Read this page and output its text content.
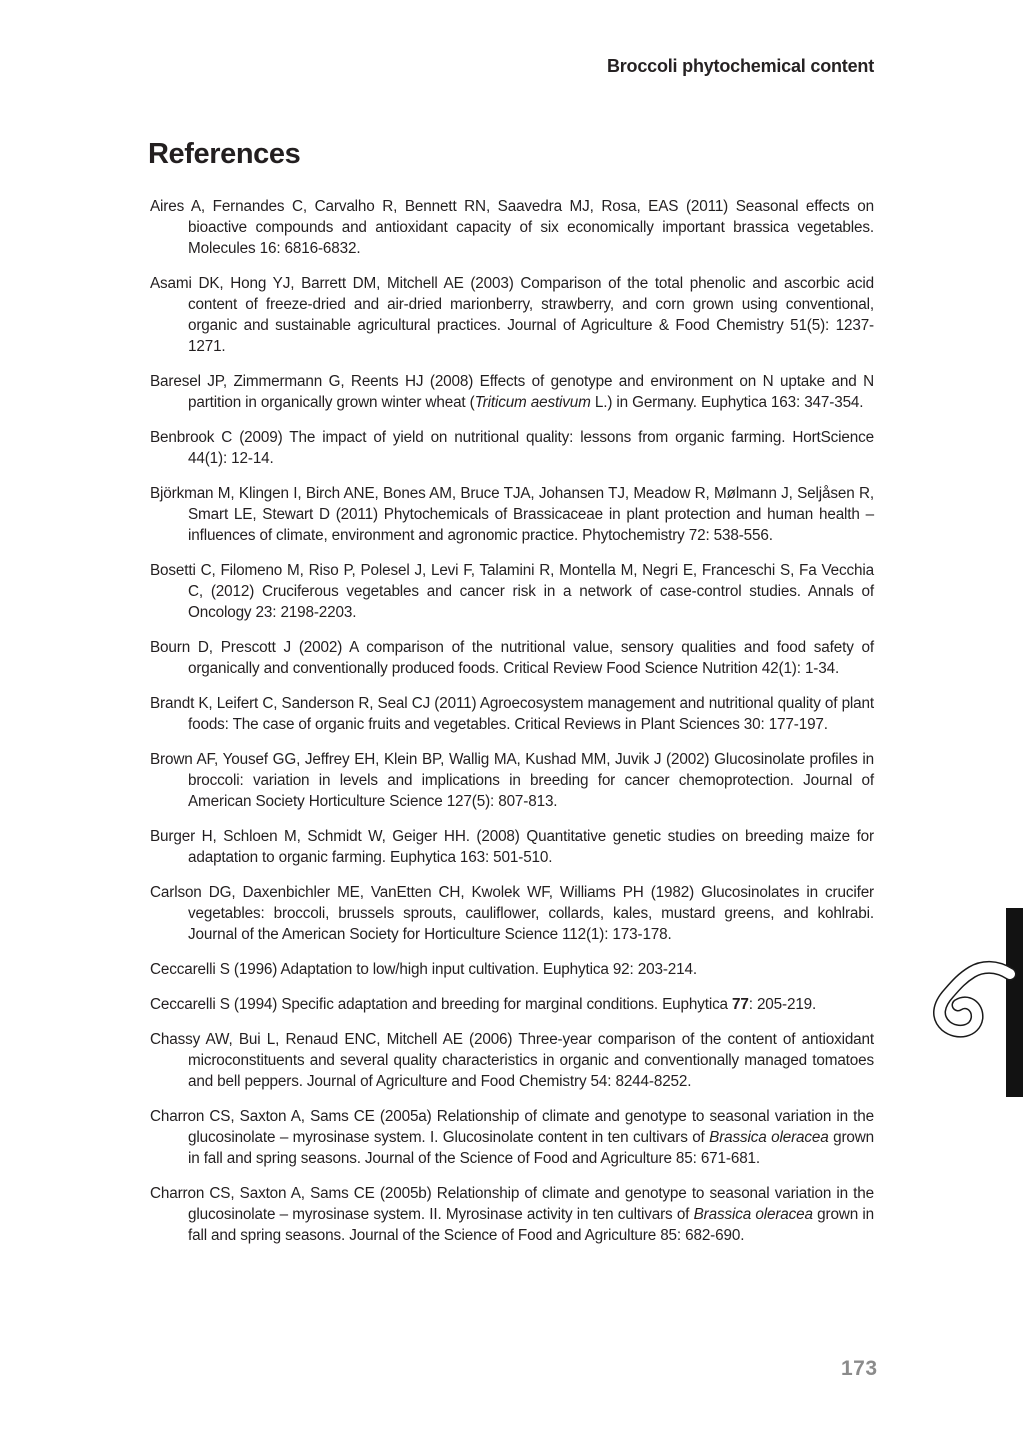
Broccoli phytochemical content
References

Aires A, Fernandes C, Carvalho R, Bennett RN, Saavedra MJ, Rosa, EAS (2011) Seasonal effects on bioactive compounds and antioxidant capacity of six economically important brassica vegetables. Molecules 16: 6816-6832.

Asami DK, Hong YJ, Barrett DM, Mitchell AE (2003) Comparison of the total phenolic and ascorbic acid content of freeze-dried and air-dried marionberry, strawberry, and corn grown using conventional, organic and sustainable agricultural practices. Journal of Agriculture & Food Chemistry 51(5): 1237-1271.

Baresel JP, Zimmermann G, Reents HJ (2008) Effects of genotype and environment on N uptake and N partition in organically grown winter wheat (Triticum aestivum L.) in Germany. Euphytica 163: 347-354.

Benbrook C (2009) The impact of yield on nutritional quality: lessons from organic farming. HortScience 44(1): 12-14.

Björkman M, Klingen I, Birch ANE, Bones AM, Bruce TJA, Johansen TJ, Meadow R, Mølmann J, Seljåsen R, Smart LE, Stewart D (2011) Phytochemicals of Brassicaceae in plant protection and human health – influences of climate, environment and agronomic practice. Phytochemistry 72: 538-556.

Bosetti C, Filomeno M, Riso P, Polesel J, Levi F, Talamini R, Montella M, Negri E, Franceschi S, Fa Vecchia C, (2012) Cruciferous vegetables and cancer risk in a network of case-control studies. Annals of Oncology 23: 2198-2203.

Bourn D, Prescott J (2002) A comparison of the nutritional value, sensory qualities and food safety of organically and conventionally produced foods. Critical Review Food Science Nutrition 42(1): 1-34.

Brandt K, Leifert C, Sanderson R, Seal CJ (2011) Agroecosystem management and nutritional quality of plant foods: The case of organic fruits and vegetables. Critical Reviews in Plant Sciences 30: 177-197.

Brown AF, Yousef GG, Jeffrey EH, Klein BP, Wallig MA, Kushad MM, Juvik J (2002) Glucosinolate profiles in broccoli: variation in levels and implications in breeding for cancer chemoprotection. Journal of American Society Horticulture Science 127(5): 807-813.

Burger H, Schloen M, Schmidt W, Geiger HH. (2008) Quantitative genetic studies on breeding maize for adaptation to organic farming. Euphytica 163: 501-510.

Carlson DG, Daxenbichler ME, VanEtten CH, Kwolek WF, Williams PH (1982) Glucosinolates in crucifer vegetables: broccoli, brussels sprouts, cauliflower, collards, kales, mustard greens, and kohlrabi. Journal of the American Society for Horticulture Science 112(1): 173-178.

Ceccarelli S (1996) Adaptation to low/high input cultivation. Euphytica 92: 203-214.

Ceccarelli S (1994) Specific adaptation and breeding for marginal conditions. Euphytica 77: 205-219.

Chassy AW, Bui L, Renaud ENC, Mitchell AE (2006) Three-year comparison of the content of antioxidant microconstituents and several quality characteristics in organic and conventionally managed tomatoes and bell peppers. Journal of Agriculture and Food Chemistry 54: 8244-8252.

Charron CS, Saxton A, Sams CE (2005a) Relationship of climate and genotype to seasonal variation in the glucosinolate – myrosinase system. I. Glucosinolate content in ten cultivars of Brassica oleracea grown in fall and spring seasons. Journal of the Science of Food and Agriculture 85: 671-681.

Charron CS, Saxton A, Sams CE (2005b) Relationship of climate and genotype to seasonal variation in the glucosinolate – myrosinase system. II. Myrosinase activity in ten cultivars of Brassica oleracea grown in fall and spring seasons. Journal of the Science of Food and Agriculture 85: 682-690.

173
